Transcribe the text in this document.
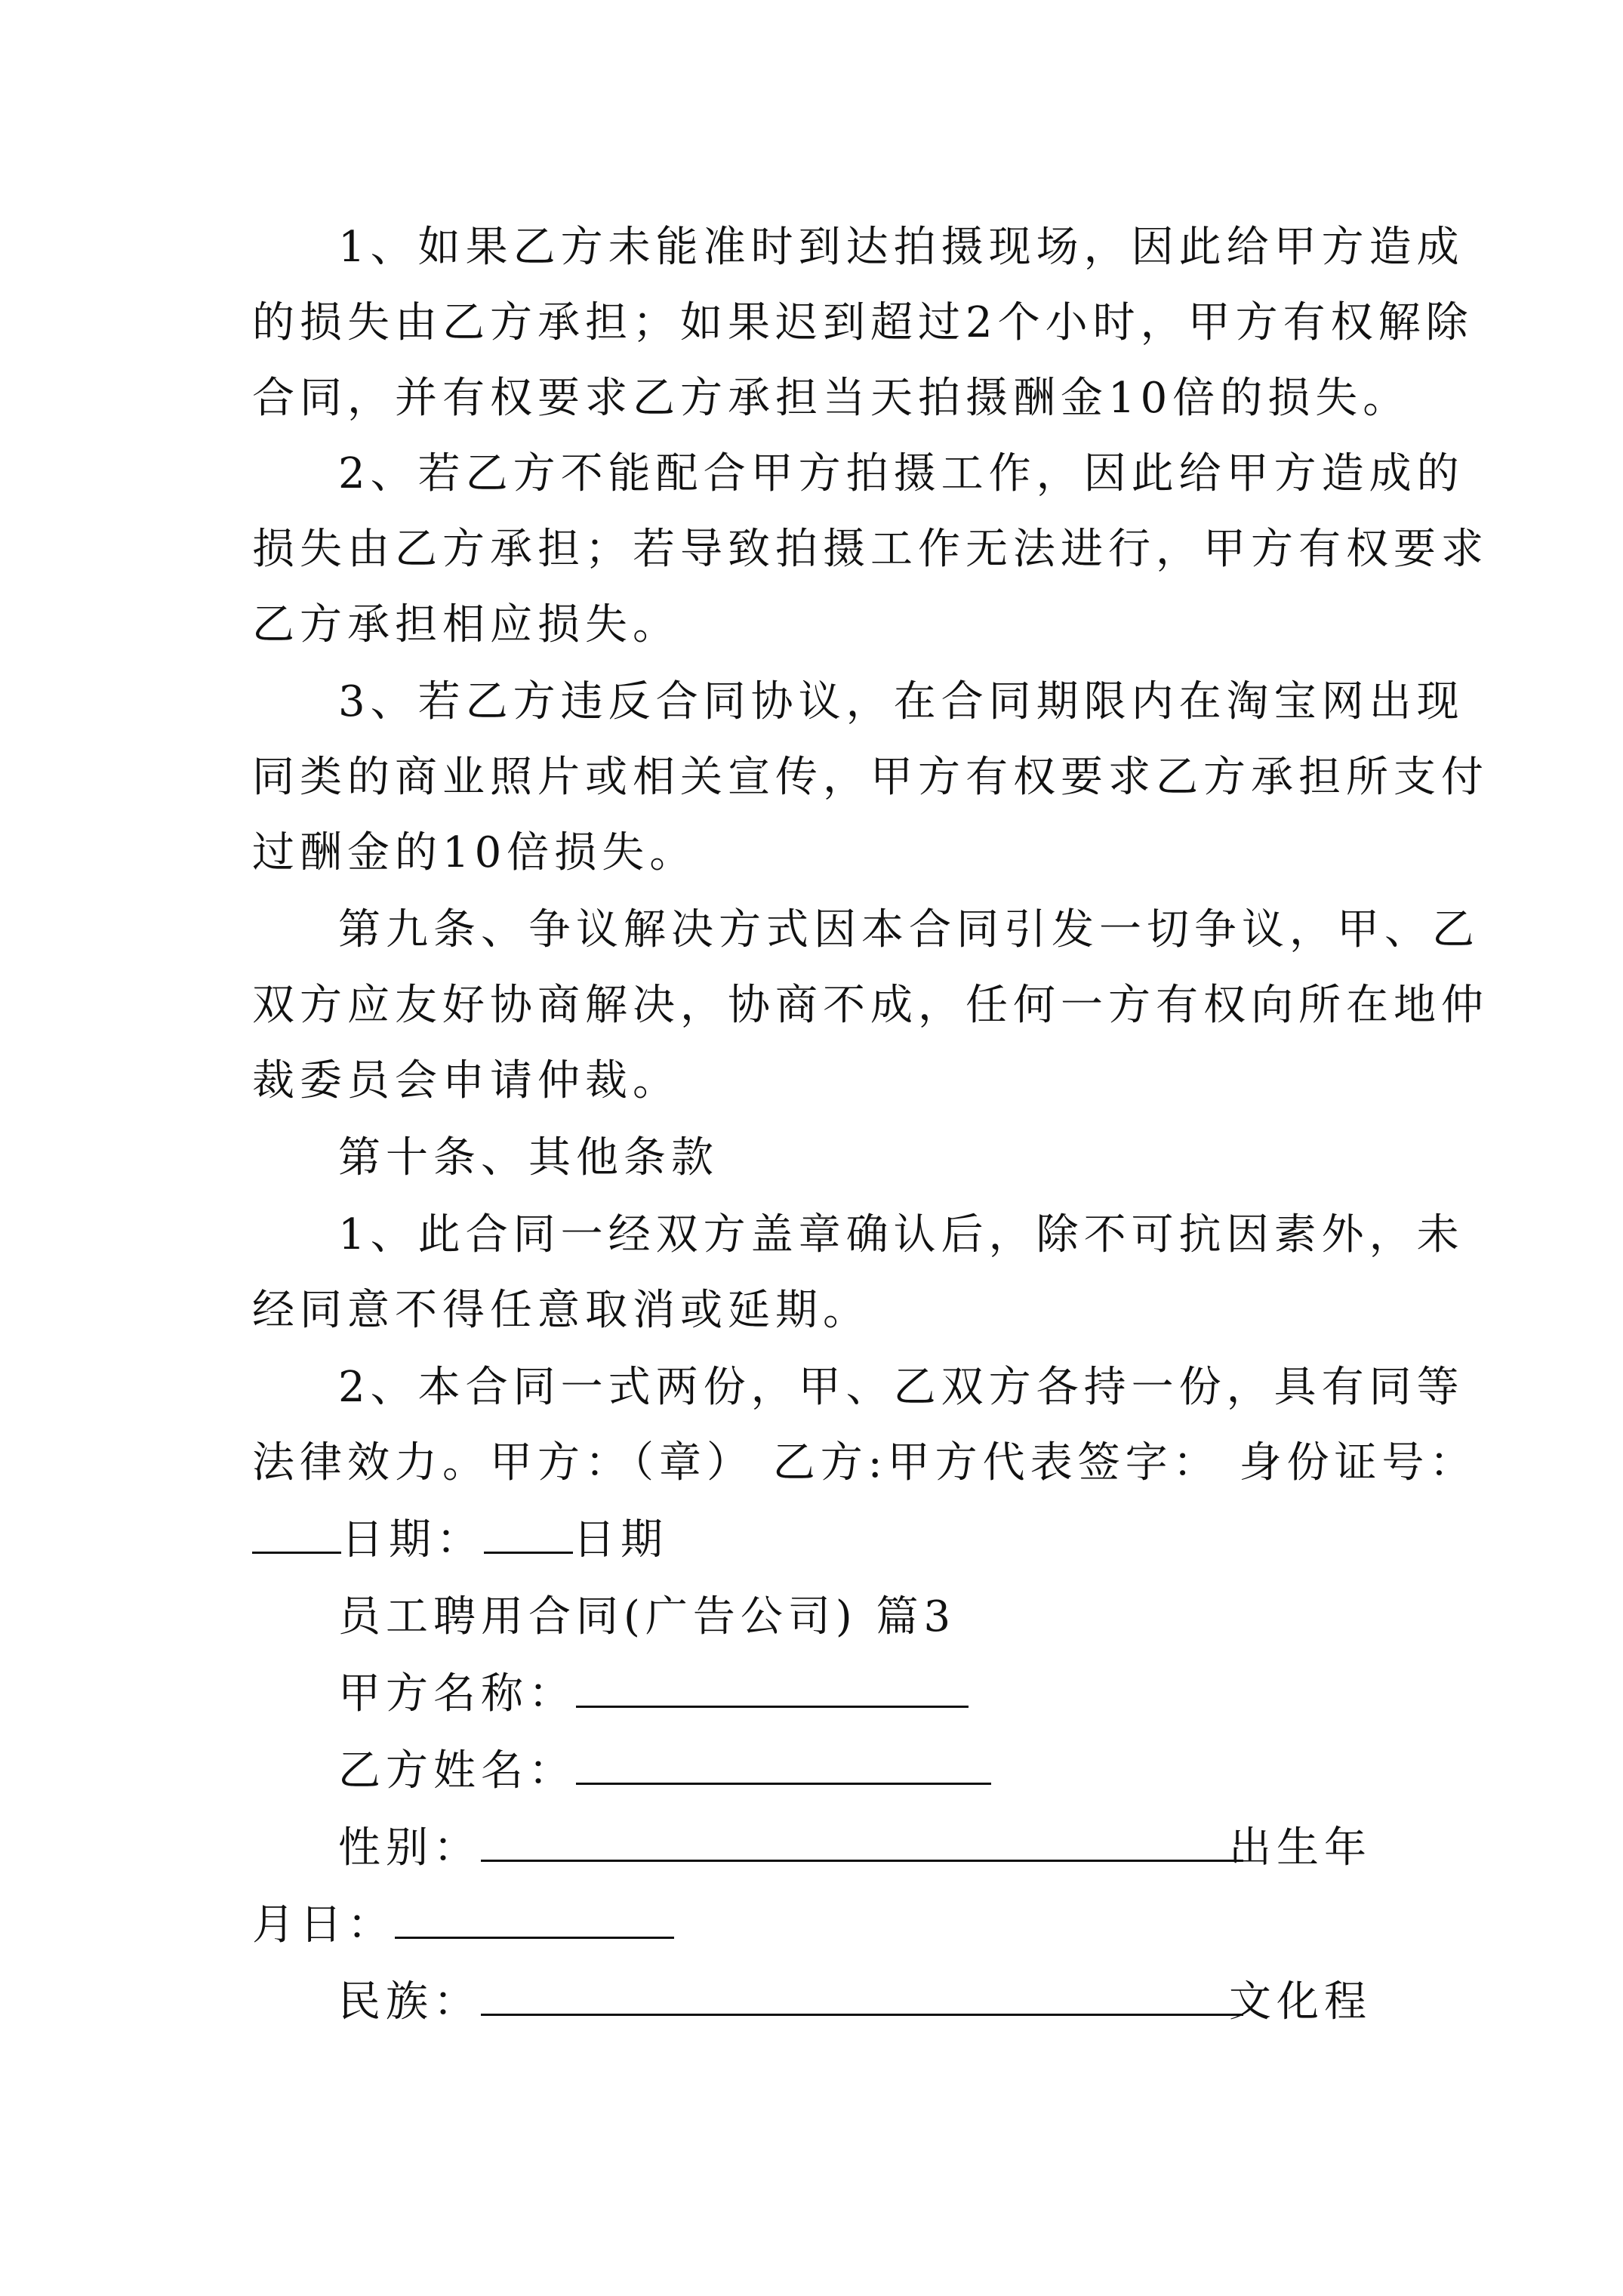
1、如果乙方未能准时到达拍摄现场，因此给甲方造成
的损失由乙方承担；如果迟到超过2个小时，甲方有权解除
合同，并有权要求乙方承担当天拍摄酬金10倍的损失。
2、若乙方不能配合甲方拍摄工作，因此给甲方造成的
损失由乙方承担；若导致拍摄工作无法进行，甲方有权要求
乙方承担相应损失。
3、若乙方违反合同协议，在合同期限内在淘宝网出现
同类的商业照片或相关宣传，甲方有权要求乙方承担所支付
过酬金的10倍损失。
第九条、争议解决方式因本合同引发一切争议，甲、乙
双方应友好协商解决，协商不成，任何一方有权向所在地仲
裁委员会申请仲裁。
第十条、其他条款
1、此合同一经双方盖章确认后，除不可抗因素外，未
经同意不得任意取消或延期。
2、本合同一式两份，甲、乙双方各持一份，具有同等
法律效力。甲方：（章） 乙方:甲方代表签字： 身份证号：
日期： 日期
员工聘用合同(广告公司) 篇3
甲方名称：
乙方姓名：
性别：	出生年
月日：
民族：	文化程
